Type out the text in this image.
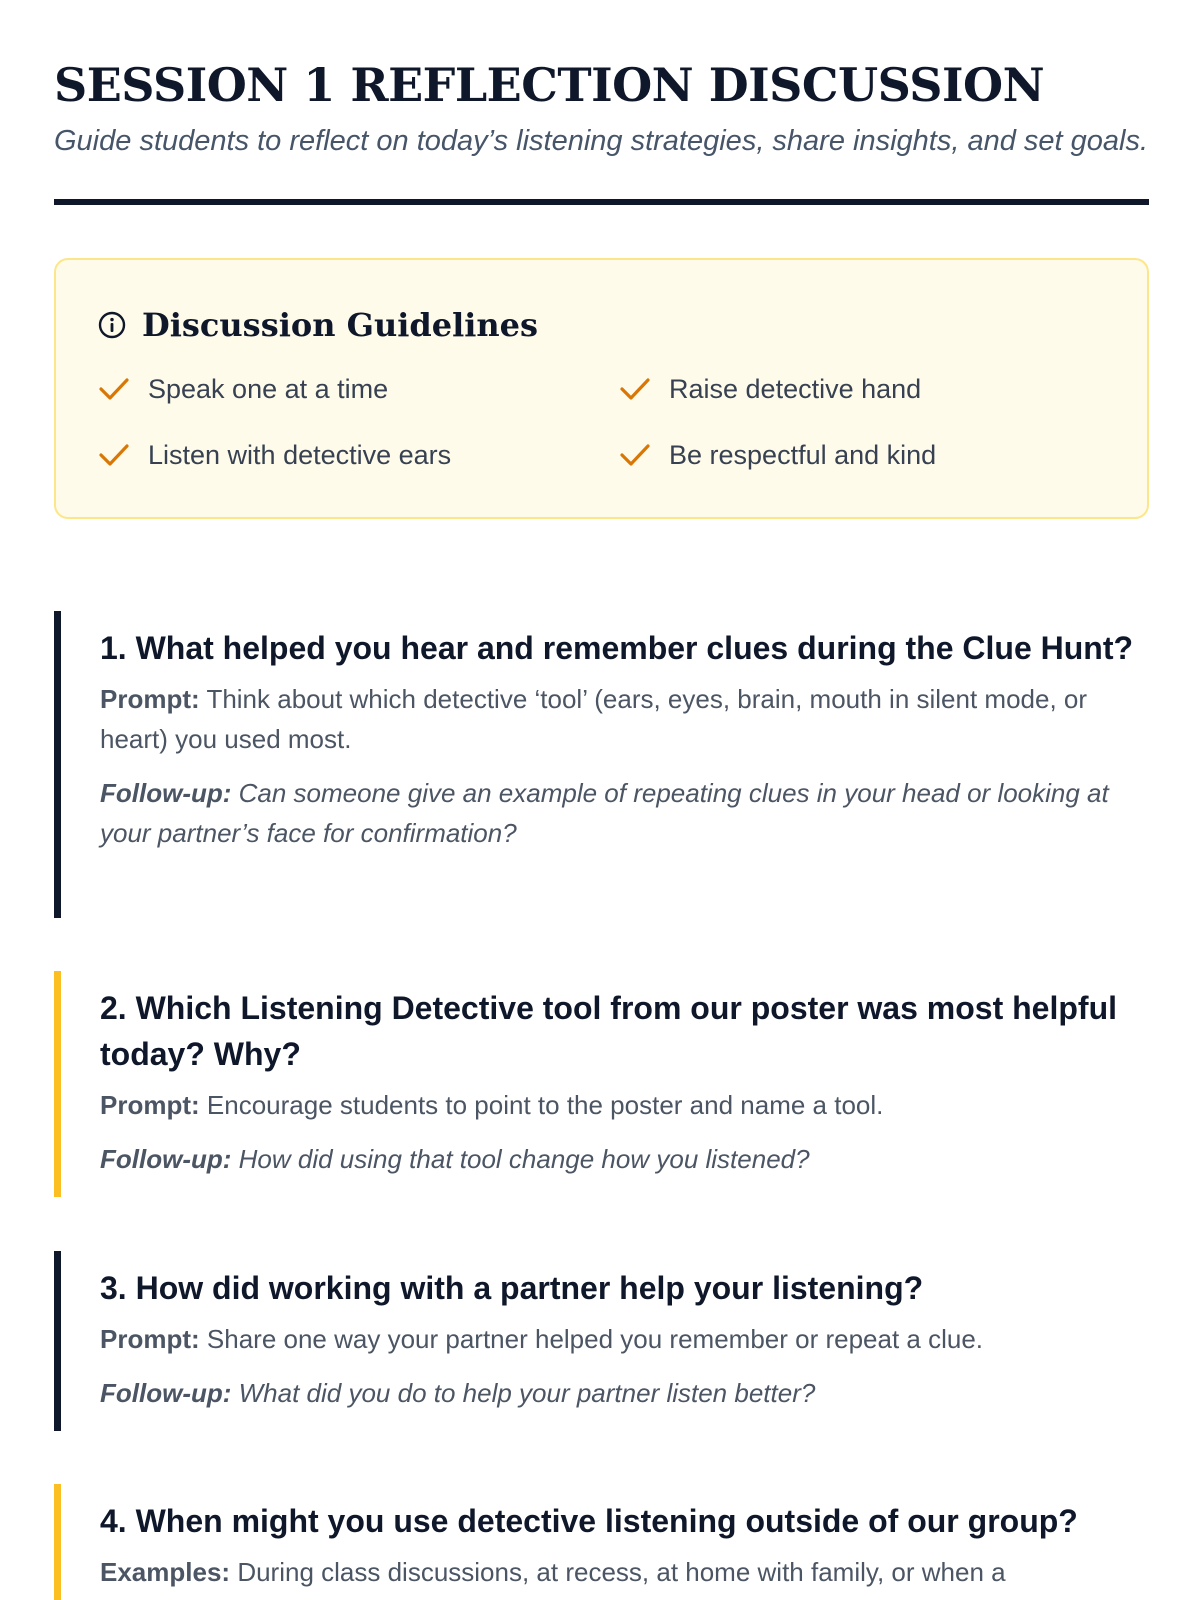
SESSION 1 REFLECTION DISCUSSION

Guide students to reflect on today’s listening strategies, share insights, and set goals.

Discussion Guidelines
Speak one at a time	Raise detective hand
Listen with detective ears	Be respectful and kind
1. What helped you hear and remember clues during the Clue Hunt?

Prompt: Think about which detective ‘tool’ (ears, eyes, brain, mouth in silent mode, or heart) you used most.

Follow-up: Can someone give an example of repeating clues in your head or looking at your partner’s face for confirmation?

2. Which Listening Detective tool from our poster was most helpful today? Why?

Prompt: Encourage students to point to the poster and name a tool.

Follow-up: How did using that tool change how you listened?

3. How did working with a partner help your listening?

Prompt: Share one way your partner helped you remember or repeat a clue.

Follow-up: What did you do to help your partner listen better?

4. When might you use detective listening outside of our group?

Examples: During class discussions, at recess, at home with family, or when a
